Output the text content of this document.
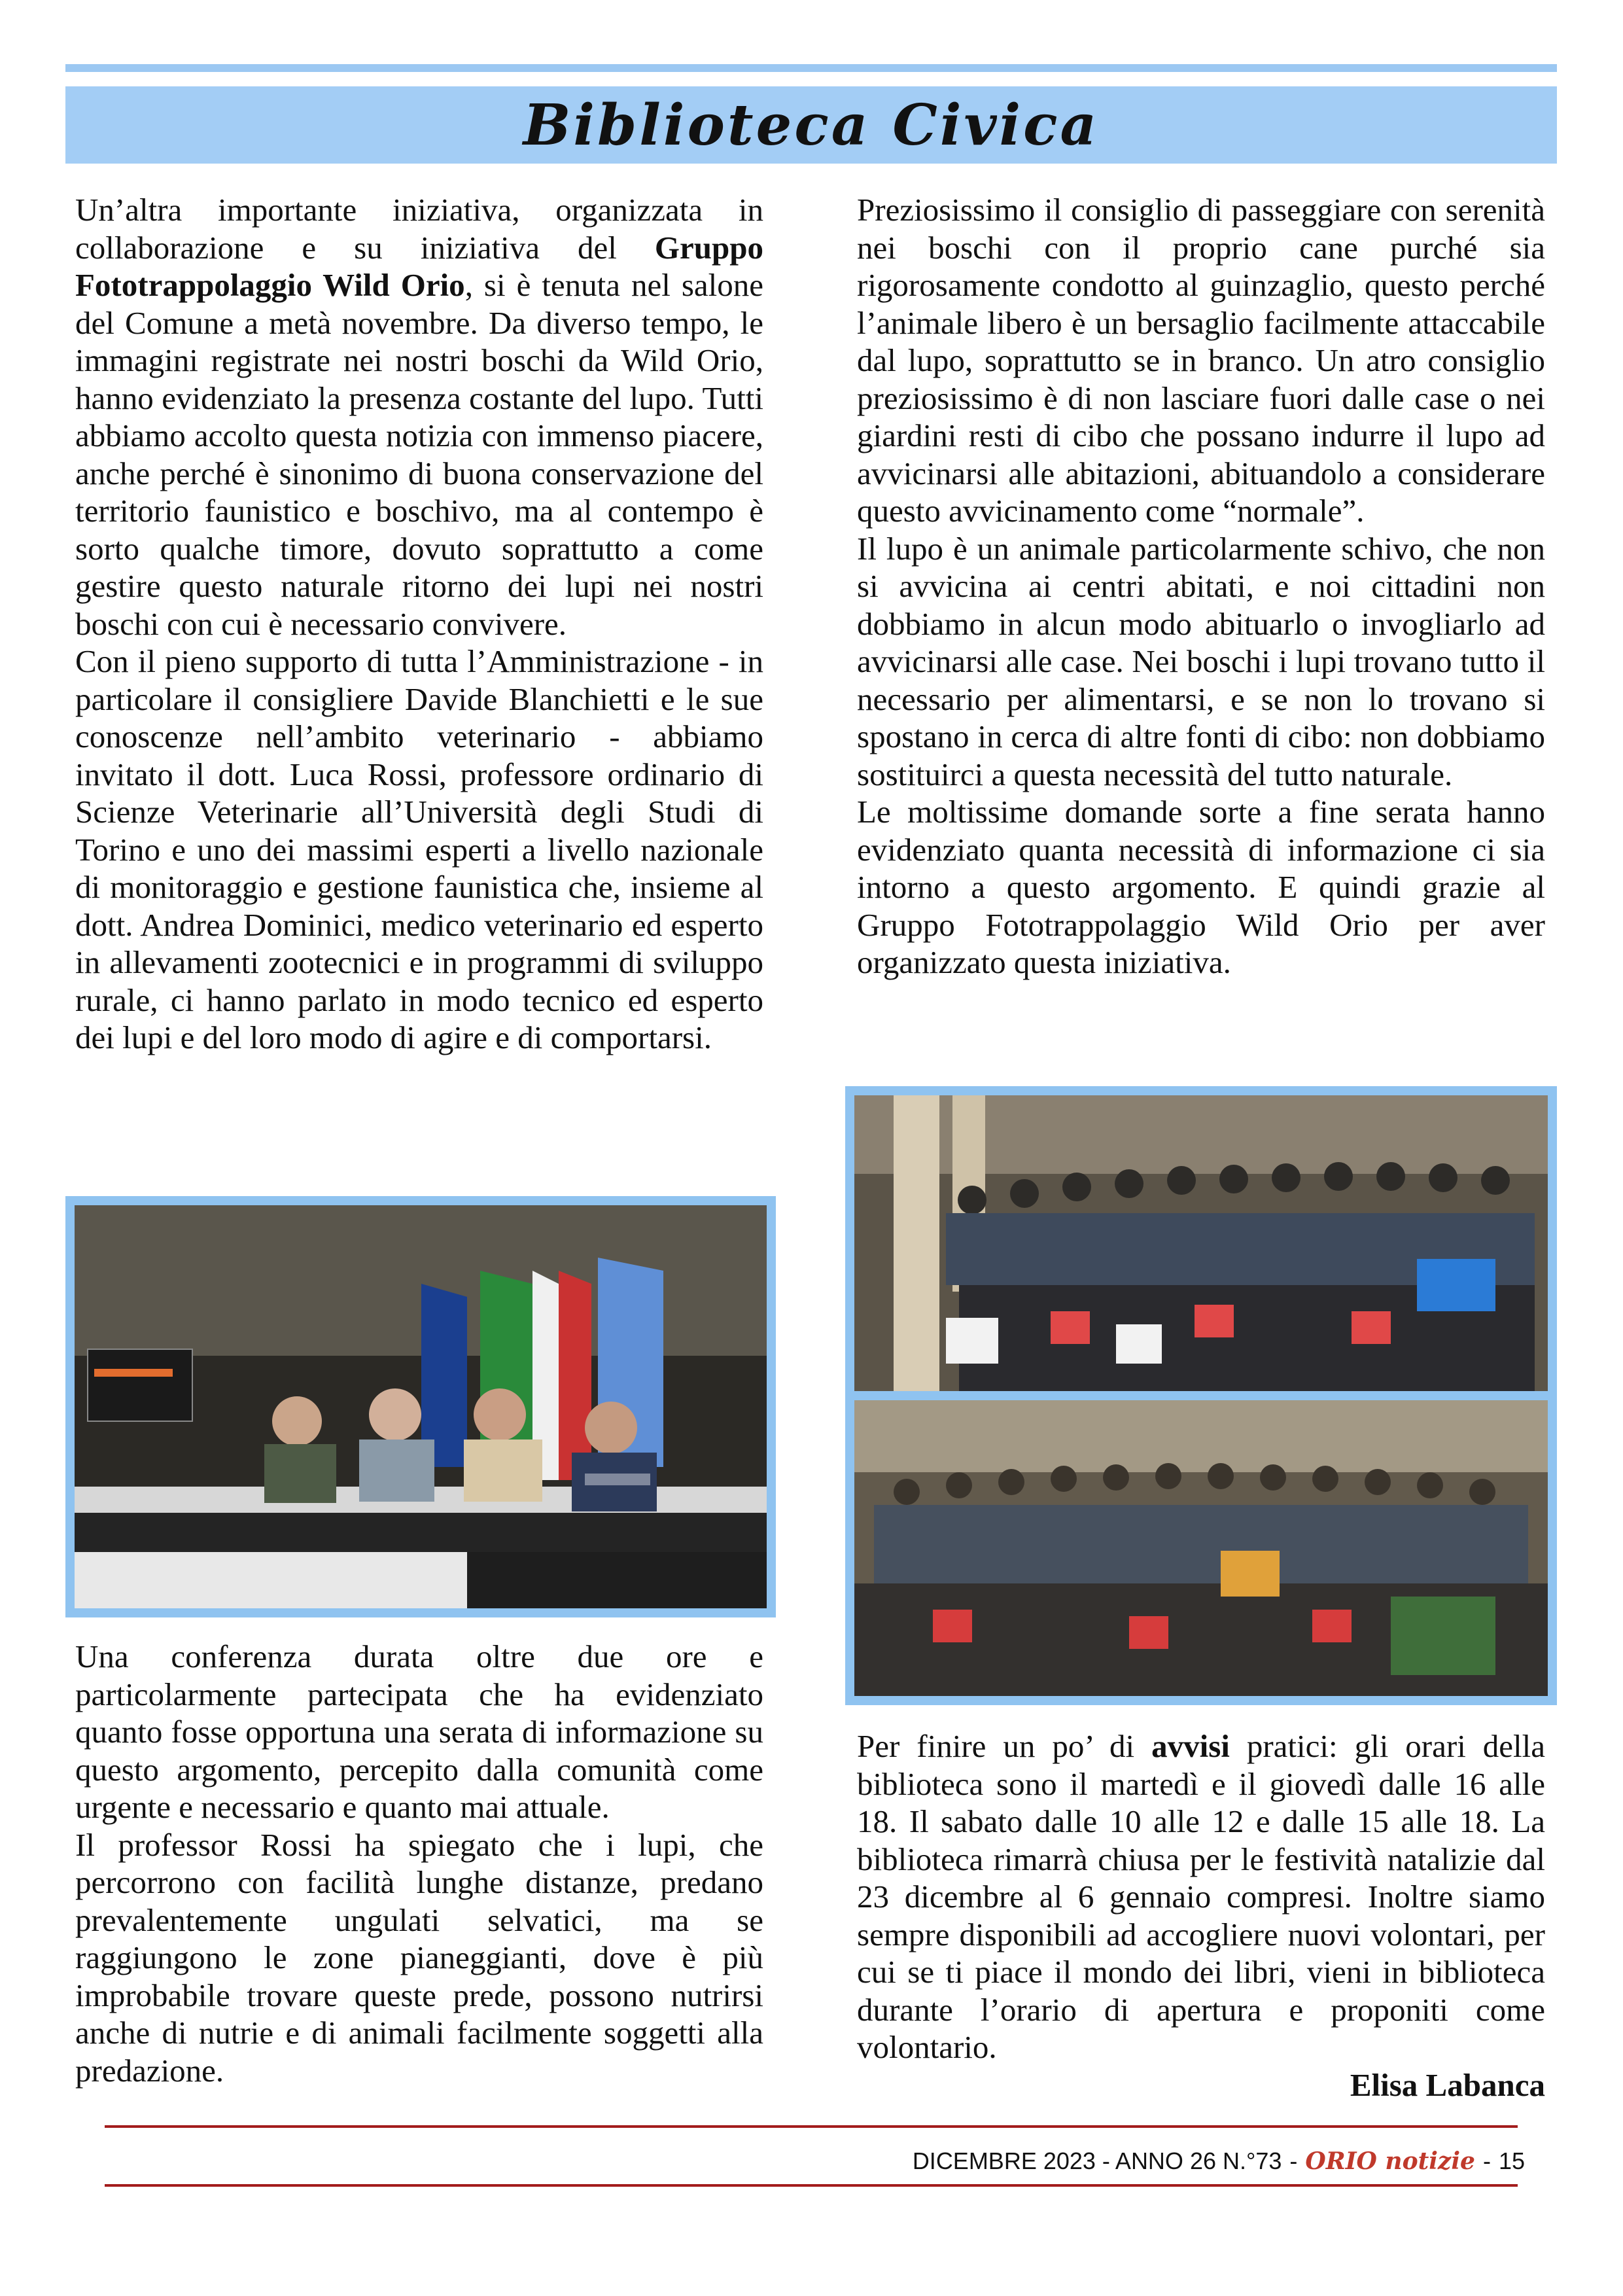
Biblioteca Civica

Un’altra importante iniziativa, organizzata in collaborazione e su iniziativa del Gruppo Fototrappolaggio Wild Orio, si è tenuta nel salone del Comune a metà novembre. Da diverso tempo, le immagini registrate nei nostri boschi da Wild Orio, hanno evidenziato la presenza costante del lupo. Tutti abbiamo accolto questa notizia con immenso piacere, anche perché è sinonimo di buona conservazione del territorio faunistico e boschivo, ma al contempo è sorto qualche timore, dovuto soprattutto a come gestire questo naturale ritorno dei lupi nei nostri boschi con cui è necessario convivere.

Con il pieno supporto di tutta l’Amministrazione - in particolare il consigliere Davide Blanchietti e le sue conoscenze nell’ambito veterinario - abbiamo invitato il dott. Luca Rossi, professore ordinario di Scienze Veterinarie all’Università degli Studi di Torino e uno dei massimi esperti a livello nazionale di monitoraggio e gestione faunistica che, insieme al dott. Andrea Dominici, medico veterinario ed esperto in allevamenti zootecnici e in programmi di sviluppo rurale, ci hanno parlato in modo tecnico ed esperto dei lupi e del loro modo di agire e di comportarsi.

Una conferenza durata oltre due ore e particolarmente partecipata che ha evidenziato quanto fosse opportuna una serata di informazione su questo argomento, percepito dalla comunità come urgente e necessario e quanto mai attuale.

Il professor Rossi ha spiegato che i lupi, che percorrono con facilità lunghe distanze, predano prevalentemente ungulati selvatici, ma se raggiungono le zone pianeggianti, dove è più improbabile trovare queste prede, possono nutrirsi anche di nutrie e di animali facilmente soggetti alla predazione.

Preziosissimo il consiglio di passeggiare con serenità nei boschi con il proprio cane purché sia rigorosamente condotto al guinzaglio, questo perché l’animale libero è un bersaglio facilmente attaccabile dal lupo, soprattutto se in branco. Un atro consiglio preziosissimo è di non lasciare fuori dalle case o nei giardini resti di cibo che possano indurre il lupo ad avvicinarsi alle abitazioni, abituandolo a considerare questo avvicinamento come “normale”.

Il lupo è un animale particolarmente schivo, che non si avvicina ai centri abitati, e noi cittadini non dobbiamo in alcun modo abituarlo o invogliarlo ad avvicinarsi alle case. Nei boschi i lupi trovano tutto il necessario per alimentarsi, e se non lo trovano si spostano in cerca di altre fonti di cibo: non dobbiamo sostituirci a questa necessità del tutto naturale.

Le moltissime domande sorte a fine serata hanno evidenziato quanta necessità di informazione ci sia intorno a questo argomento. E quindi grazie al Gruppo Fototrappolaggio Wild Orio per aver organizzato questa iniziativa.

Per finire un po’ di avvisi pratici: gli orari della biblioteca sono il martedì e il giovedì dalle 16 alle 18. Il sabato dalle 10 alle 12 e dalle 15 alle 18. La biblioteca rimarrà chiusa per le festività natalizie dal 23 dicembre al 6 gennaio compresi. Inoltre siamo sempre disponibili ad accogliere nuovi volontari, per cui se ti piace il mondo dei libri, vieni in biblioteca durante l’orario di apertura e proponiti come volontario.

Elisa Labanca

DICEMBRE 2023 - ANNO 26 N.°73 - ORIO notizie - 15
